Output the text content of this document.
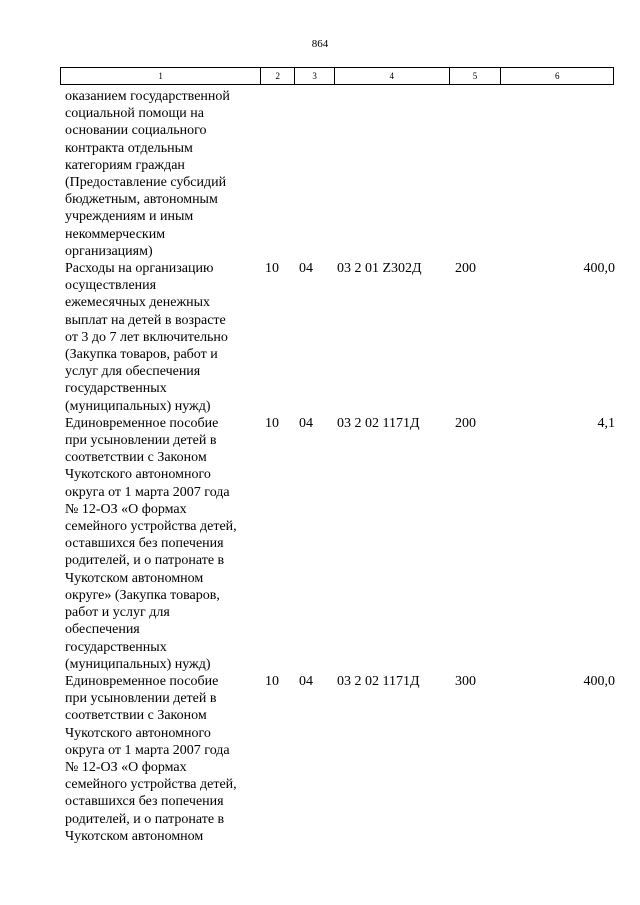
864
1	2	3	4	5	6
оказанием государственной
социальной помощи на
основании социального
контракта отдельным
категориям граждан
(Предоставление субсидий
бюджетным, автономным
учреждениям и иным
некоммерческим
организациям)
Расходы на организацию
осуществления
ежемесячных денежных
выплат на детей в возрасте
от 3 до 7 лет включительно
(Закупка товаров, работ и
услуг для обеспечения
государственных
(муниципальных) нужд)
10	04	03 2 01 Z302Д	200	400,0
Единовременное пособие
при усыновлении детей в
соответствии с Законом
Чукотского автономного
округа от 1 марта 2007 года
№ 12-ОЗ «О формах
семейного устройства детей,
оставшихся без попечения
родителей, и о патронате в
Чукотском автономном
округе» (Закупка товаров,
работ и услуг для
обеспечения
государственных
(муниципальных) нужд)
10	04	03 2 02 1171Д	200	4,1
Единовременное пособие
при усыновлении детей в
соответствии с Законом
Чукотского автономного
округа от 1 марта 2007 года
№ 12-ОЗ «О формах
семейного устройства детей,
оставшихся без попечения
родителей, и о патронате в
Чукотском автономном
10	04	03 2 02 1171Д	300	400,0
